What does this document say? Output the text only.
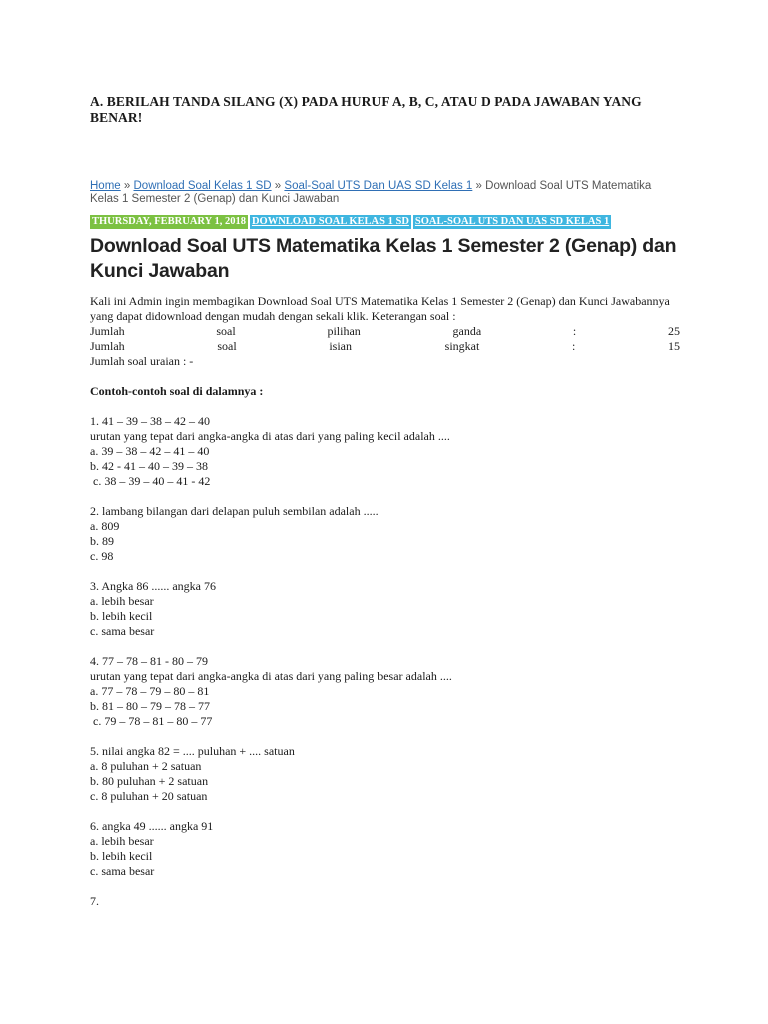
A. BERILAH TANDA SILANG (X) PADA HURUF A, B, C, ATAU D PADA JAWABAN YANG BENAR!
Home » Download Soal Kelas 1 SD » Soal-Soal UTS Dan UAS SD Kelas 1 » Download Soal UTS Matematika Kelas 1 Semester 2 (Genap) dan Kunci Jawaban
THURSDAY, FEBRUARY 1, 2018 DOWNLOAD SOAL KELAS 1 SD SOAL-SOAL UTS DAN UAS SD KELAS 1
Download Soal UTS Matematika Kelas 1 Semester 2 (Genap) dan Kunci Jawaban

Kali ini Admin ingin membagikan Download Soal UTS Matematika Kelas 1 Semester 2 (Genap) dan Kunci Jawabannya yang dapat didownload dengan mudah dengan sekali klik. Keterangan soal :

Jumlah	soal	pilihan	ganda	:	25
Jumlah	soal	isian	singkat	:	15

Jumlah soal uraian : -

Contoh-contoh soal di dalamnya :

1. 41 – 39 – 38 – 42 – 40

urutan yang tepat dari angka-angka di atas dari yang paling kecil adalah ....

a. 39 – 38 – 42 – 41 – 40

b. 42 - 41 – 40 – 39 – 38

c. 38 – 39 – 40 – 41 - 42

2. lambang bilangan dari delapan puluh sembilan adalah .....

a. 809

b. 89

c. 98

3. Angka 86 ...... angka 76

a. lebih besar

b. lebih kecil

c. sama besar

4. 77 – 78 – 81 - 80 – 79

urutan yang tepat dari angka-angka di atas dari yang paling besar adalah ....

a. 77 – 78 – 79 – 80 – 81

b. 81 – 80 – 79 – 78 – 77

c. 79 – 78 – 81 – 80 – 77

5. nilai angka 82 = .... puluhan + .... satuan

a. 8 puluhan + 2 satuan

b. 80 puluhan + 2 satuan

c. 8 puluhan + 20 satuan

6. angka 49 ...... angka 91

a. lebih besar

b. lebih kecil

c. sama besar

7.
